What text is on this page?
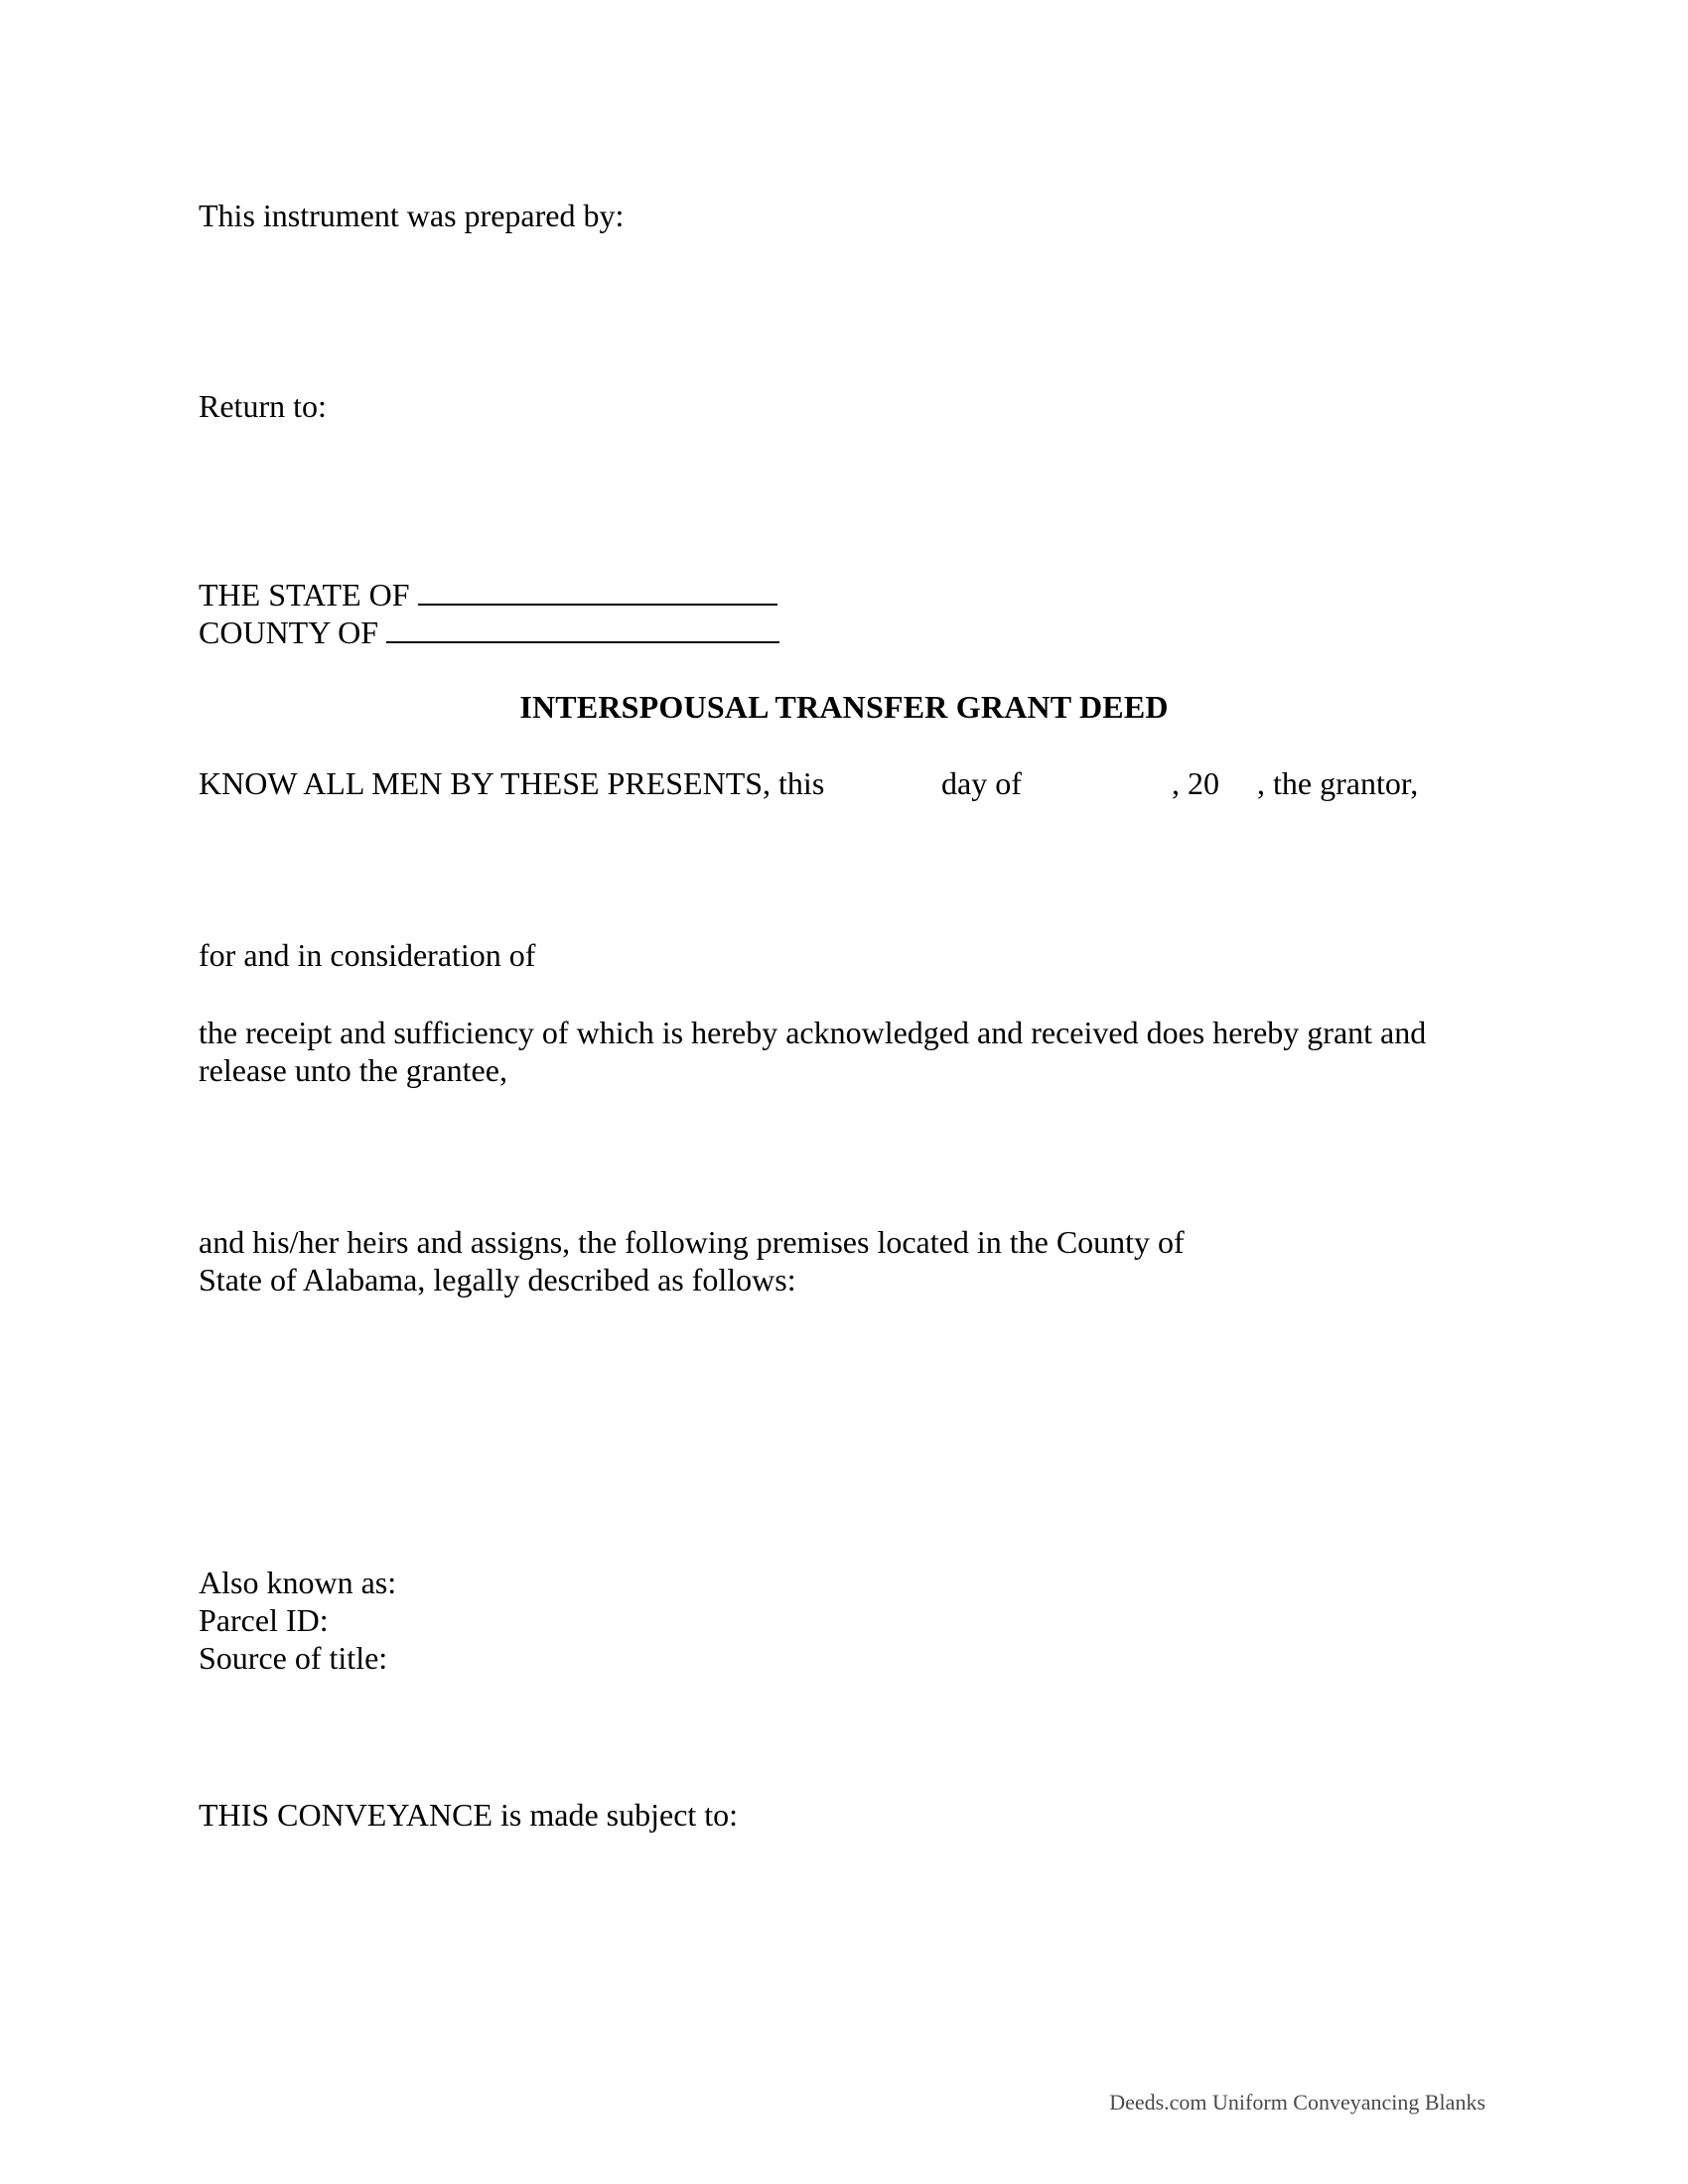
This instrument was prepared by:
Return to:
THE STATE OF
COUNTY OF
INTERSPOUSAL TRANSFER GRANT DEED
KNOW ALL MEN BY THESE PRESENTS, this	day of	, 20 , the grantor,
for and in consideration of
the receipt and sufficiency of which is hereby acknowledged and received does hereby grant and
release unto the grantee,
and his/her heirs and assigns, the following premises located in the County of
State of Alabama, legally described as follows:
Also known as:
Parcel ID:
Source of title:
THIS CONVEYANCE is made subject to:
Deeds.com Uniform Conveyancing Blanks
